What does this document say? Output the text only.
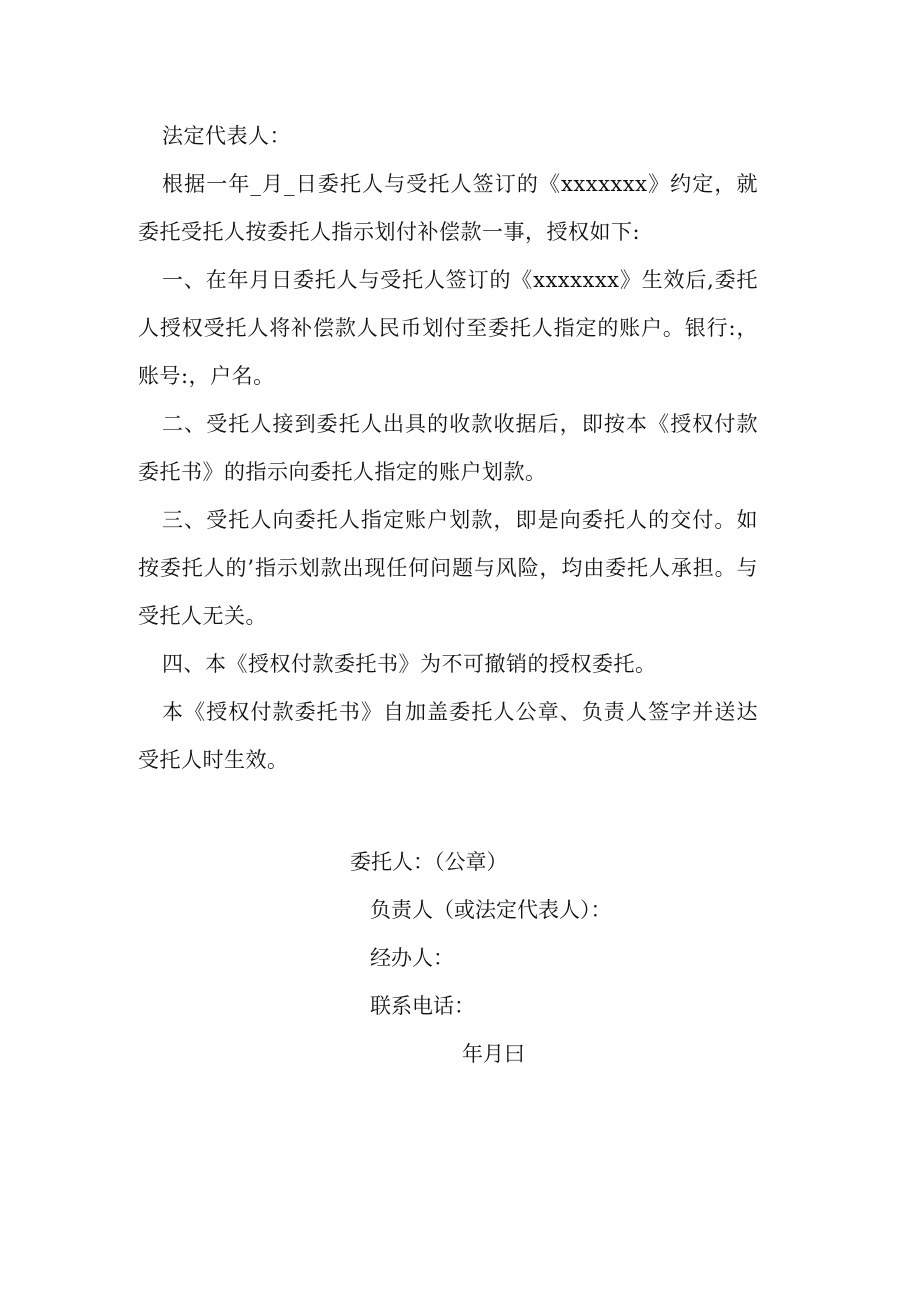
法定代表人：

根据一年_月_日委托人与受托人签订的《xxxxxxx》约定，就委托受托人按委托人指示划付补偿款一事，授权如下:

一、在年月日委托人与受托人签订的《xxxxxxx》生效后,委托人授权受托人将补偿款人民币划付至委托人指定的账户。银行:，账号:，户名。

二、受托人接到委托人出具的收款收据后，即按本《授权付款委托书》的指示向委托人指定的账户划款。

三、受托人向委托人指定账户划款，即是向委托人的交付。如按委托人的’指示划款出现任何问题与风险，均由委托人承担。与受托人无关。

四、本《授权付款委托书》为不可撤销的授权委托。

本《授权付款委托书》自加盖委托人公章、负责人签字并送达受托人时生效。

委托人：（公章）
负责人（或法定代表人）：
经办人：
联系电话：
年月曰
